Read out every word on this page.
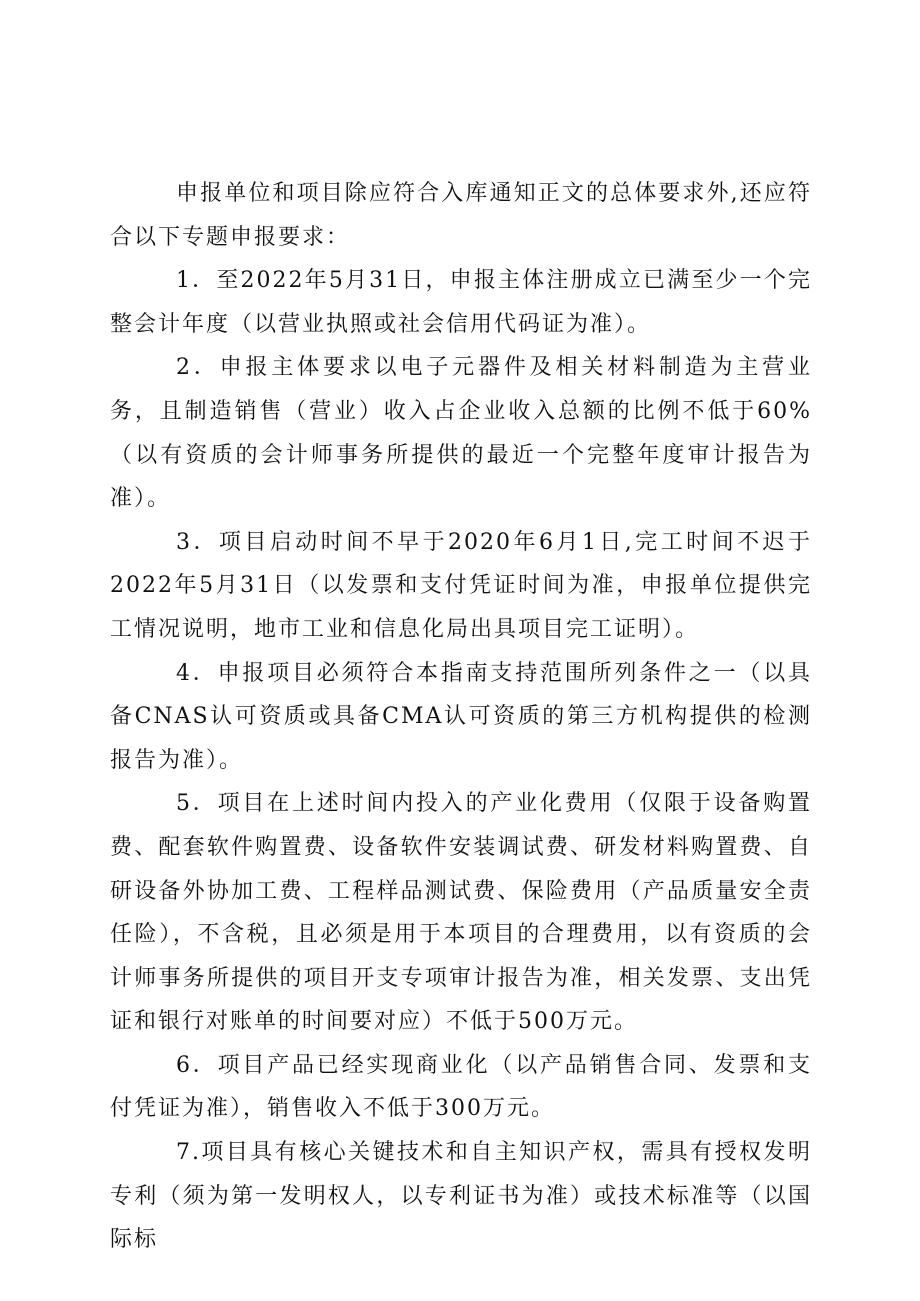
申报单位和项目除应符合入库通知正文的总体要求外,还应符合以下专题申报要求：

1．至2022年5月31日，申报主体注册成立已满至少一个完整会计年度（以营业执照或社会信用代码证为准）。

2．申报主体要求以电子元器件及相关材料制造为主营业务，且制造销售（营业）收入占企业收入总额的比例不低于60%（以有资质的会计师事务所提供的最近一个完整年度审计报告为准）。

3．项目启动时间不早于2020年6月1日,完工时间不迟于2022年5月31日（以发票和支付凭证时间为准，申报单位提供完工情况说明，地市工业和信息化局出具项目完工证明）。

4．申报项目必须符合本指南支持范围所列条件之一（以具备CNAS认可资质或具备CMA认可资质的第三方机构提供的检测报告为准）。

5．项目在上述时间内投入的产业化费用（仅限于设备购置费、配套软件购置费、设备软件安装调试费、研发材料购置费、自研设备外协加工费、工程样品测试费、保险费用（产品质量安全责任险），不含税，且必须是用于本项目的合理费用，以有资质的会计师事务所提供的项目开支专项审计报告为准，相关发票、支出凭证和银行对账单的时间要对应）不低于500万元。

6．项目产品已经实现商业化（以产品销售合同、发票和支付凭证为准），销售收入不低于300万元。

7.项目具有核心关键技术和自主知识产权，需具有授权发明专利（须为第一发明权人，以专利证书为准）或技术标准等（以国际标
